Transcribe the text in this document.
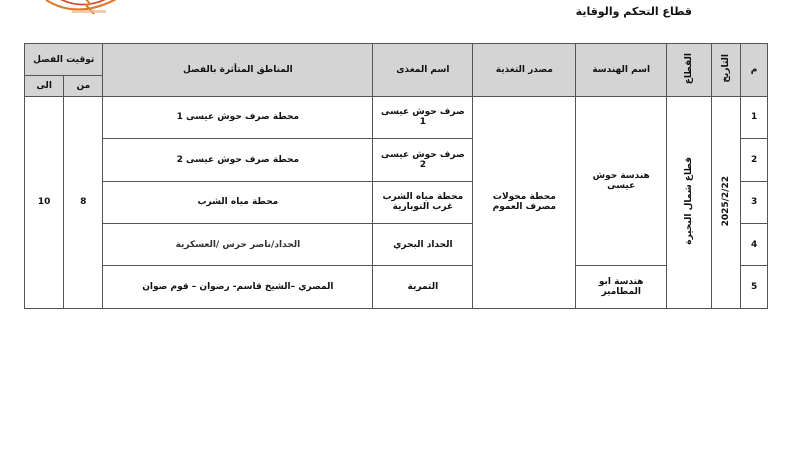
قطاع التحكم والوقاية
م	التاريخ	القطاع	اسم الهندسة	مصدر التغذية	اسم المغذى	المناطق المتأثرة بالفصل	توقيت الفصل	
							من	الى
1	2025/2/22	قطاع شمال البحيرة	هندسة حوش عيسى	محطة محولات مصرف العموم	صرف حوش عيسى 1	محطة صرف حوش عيسى 1	8	10
2					صرف حوش عيسى 2	محطة صرف حوش عيسى 2		
3					محطة مياه الشرب غرب النوبارية	محطة مياه الشرب		
4					الحداد البحري	الحداد/ناصر حرس /العسكرية		
5			هندسة ابو المطامير		التمرية	المصري –الشيخ قاسم- رضوان – قوم صوان		
